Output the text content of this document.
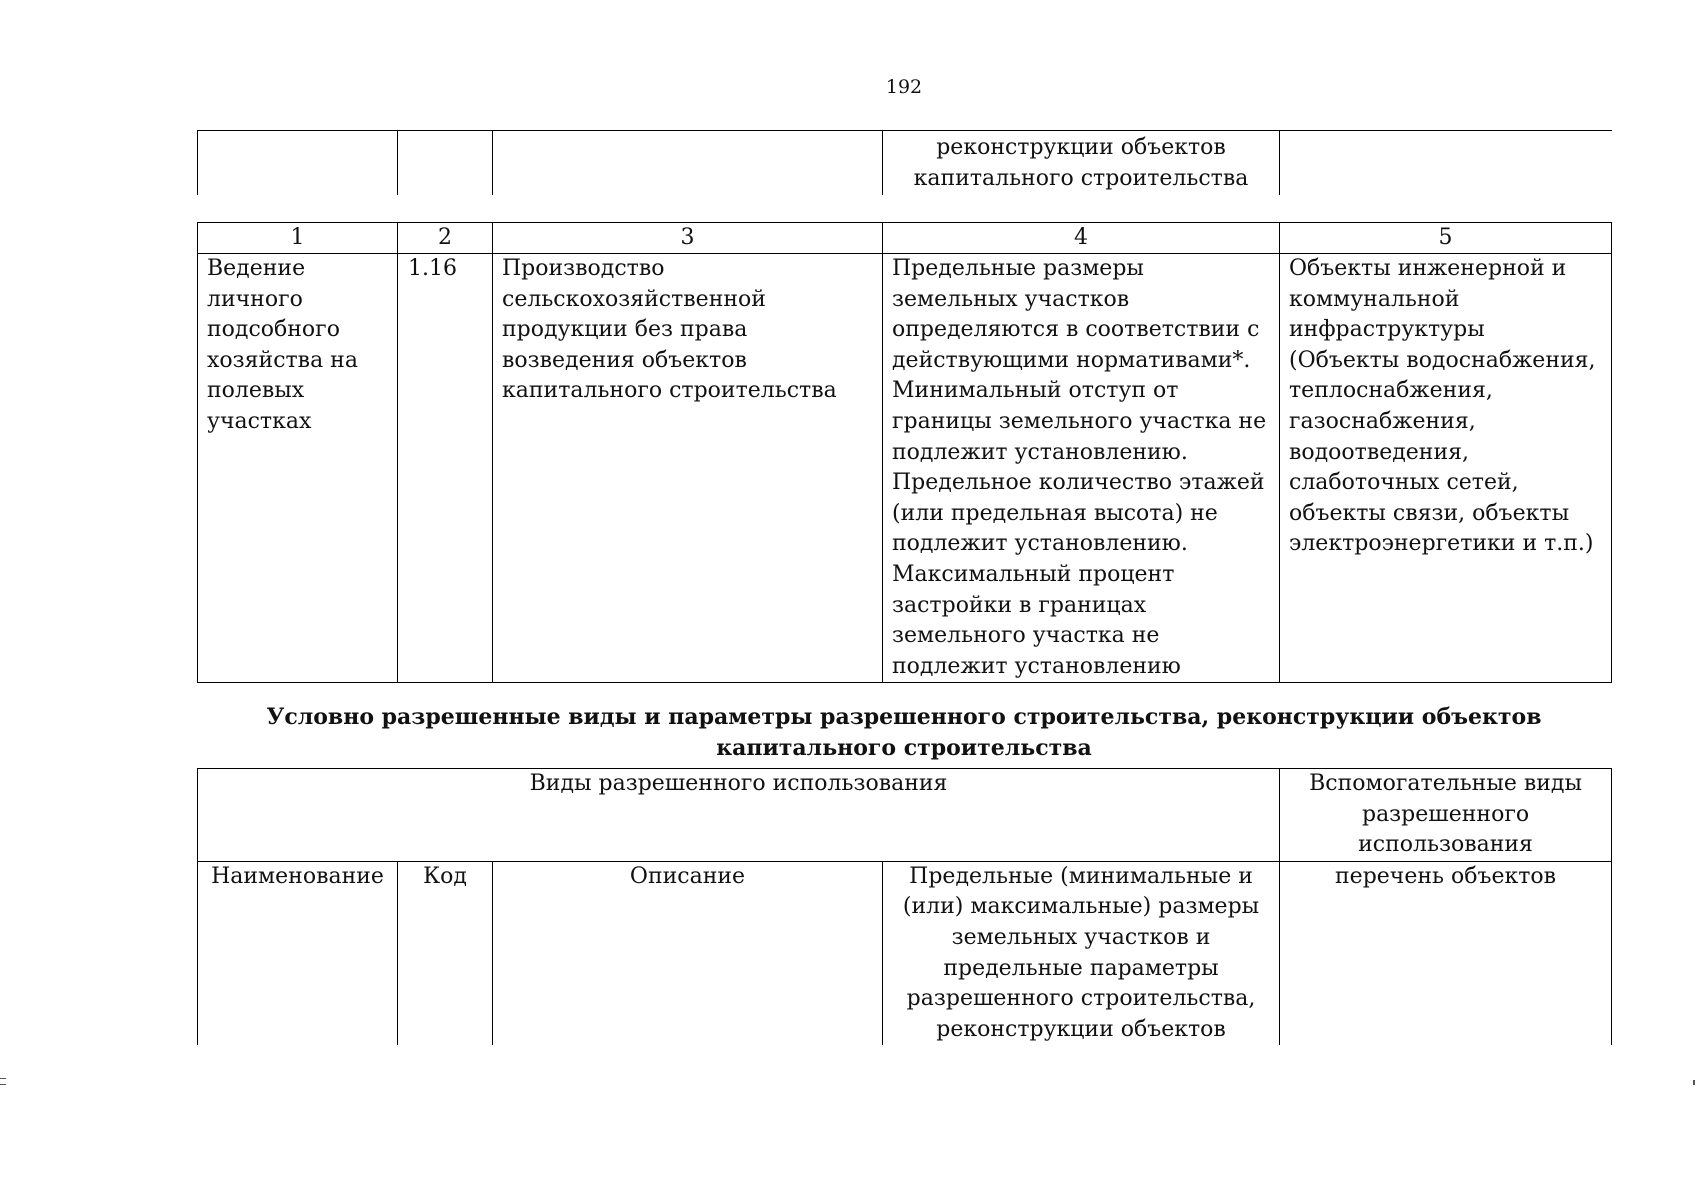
192
			реконструкции объектов капитального строительства	
1	2	3	4	5
Ведение личного подсобного хозяйства на полевых участках	1.16	Производство сельскохозяйственной продукции без права возведения объектов капитального строительства	Предельные размеры земельных участков определяются в соответствии с действующими нормативами*. Минимальный отступ от границы земельного участка не подлежит установлению. Предельное количество этажей (или предельная высота) не подлежит установлению. Максимальный процент застройки в границах земельного участка не подлежит установлению	Объекты инженерной и коммунальной инфраструктуры (Объекты водоснабжения, теплоснабжения, газоснабжения, водоотведения, слаботочных сетей, объекты связи, объекты электроэнергетики и т.п.)
Условно разрешенные виды и параметры разрешенного строительства, реконструкции объектов капитального строительства
Виды разрешенного использования				Вспомогательные виды разрешенного использования
Наименование	Код	Описание	Предельные (минимальные и (или) максимальные) размеры земельных участков и предельные параметры разрешенного строительства, реконструкции объектов	перечень объектов
